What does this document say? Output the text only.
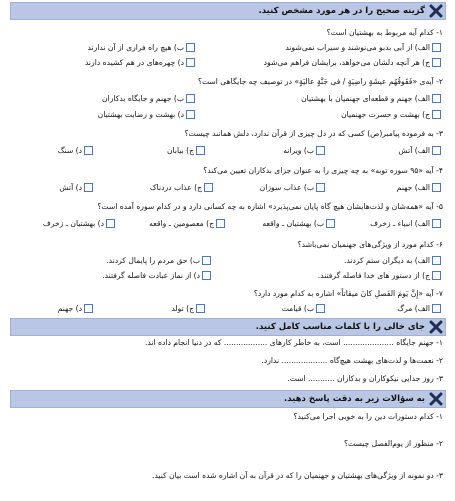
گزینه صحیح را در هر مورد مشخص کنید.
۱- کدام آیه مربوط به بهشتیان است؟
الف) از آبی بدبو می‌نوشند و سیراب نمی‌شوند
ب) هیچ راه فراری از آن ندارند
ج) هر آنچه دلشان می‌خواهد، برایشان فراهم می‌شود
د) چهره‌های در هم کشیده دارند
۲- آیه‌ی «فَقَوقُهُم عیشَةٍ راضِیَةٍ / فی جَنَّةٍ عالیَةٍ» در توصیف چه جایگاهی است؟
الف) جهنم و قطعه‌ای جهنمیان با بهشتیان
ب) جهنم و جایگاه بدکاران
ج) بهشت و حسرت جهنمیان
د) بهشت و رضایت بهشتیان
۳- به فرموده پیامبر(ص) کسی که در دل چیزی از قرآن ندارد، دلش همانند چیست؟
الف) آتش
ب) ویرانه
ج) بیابان
د) سنگ
۴- آیه «۹۵ سوره توبه» به چه چیزی را به عنوان جزای بدکاران تعیین می‌کند؟
الف) جهنم
ب) عذاب سوزان
ج) عذاب دردناک
د) آتش
۵- آیه «همه‌شان و لذت‌هایشان هیچ گاه پایان نمی‌پذیرد» اشاره به چه کسانی دارد و در کدام سوره آمده است؟
الف) انبیاء ـ زخرف
ب) بهشتیان ـ واقعه
ج) معصومین ـ واقعه
د) بهشتیان ـ زخرف
۶- کدام مورد از ویژگی‌های جهنمیان نمی‌باشد؟
الف) به دیگران ستم کردند.
ب) حق مردم را پایمال کردند.
ج) از دستور های خدا فاصله گرفتند.
د) از نماز عبادت فاصله گرفتند.
۷- آیه «إِنَّ یَومَ الفَصلِ کانَ میقاتاً» اشاره به کدام مورد دارد؟
الف) مرگ
ب) قیامت
ج) تولد
د) جهنم
جای خالی را با کلمات مناسب کامل کنید.
۱- جهنم جایگاه ..................... است، به خاطر کارهای .................. که در دنیا انجام داده اند.
۲- نعمت‌ها و لذت‌های بهشت هیچ‌گاه ................... ندارد.
۳- روز جدایی نیکوکاران و بدکاران ........... است.
به سؤالات زیر به دقت پاسخ دهید.
۱- کدام دستورات دین را به خوبی اجرا می‌کنید؟
۲- منظور از یوم‌الفصل چیست؟
۳- دو نمونه از ویژگی‌های بهشتیان و جهنمیان را که در قرآن به آن اشاره شده است بیان کنید.
